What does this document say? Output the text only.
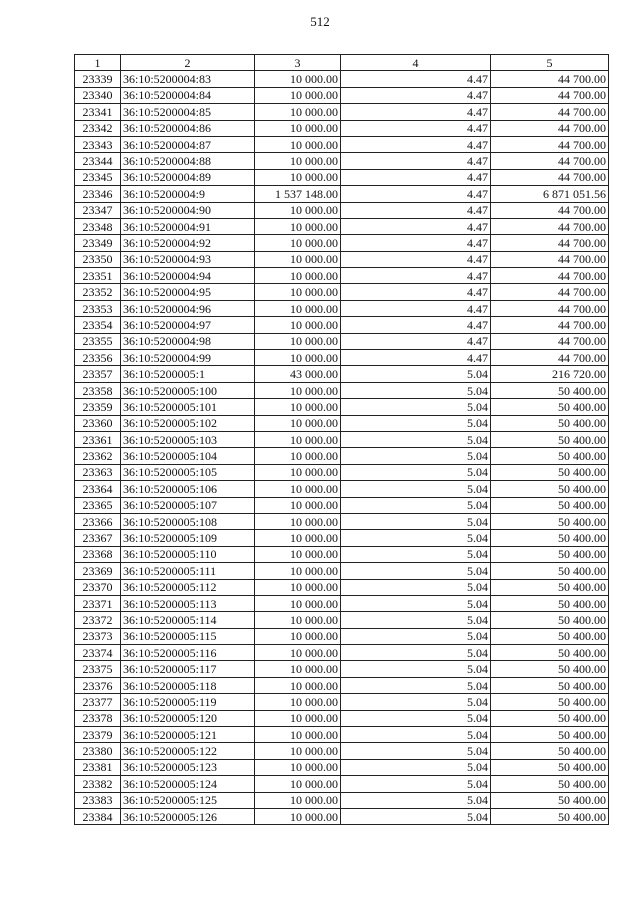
512
1	2	3	4	5
23339	36:10:5200004:83	10 000.00	4.47	44 700.00
23340	36:10:5200004:84	10 000.00	4.47	44 700.00
23341	36:10:5200004:85	10 000.00	4.47	44 700.00
23342	36:10:5200004:86	10 000.00	4.47	44 700.00
23343	36:10:5200004:87	10 000.00	4.47	44 700.00
23344	36:10:5200004:88	10 000.00	4.47	44 700.00
23345	36:10:5200004:89	10 000.00	4.47	44 700.00
23346	36:10:5200004:9	1 537 148.00	4.47	6 871 051.56
23347	36:10:5200004:90	10 000.00	4.47	44 700.00
23348	36:10:5200004:91	10 000.00	4.47	44 700.00
23349	36:10:5200004:92	10 000.00	4.47	44 700.00
23350	36:10:5200004:93	10 000.00	4.47	44 700.00
23351	36:10:5200004:94	10 000.00	4.47	44 700.00
23352	36:10:5200004:95	10 000.00	4.47	44 700.00
23353	36:10:5200004:96	10 000.00	4.47	44 700.00
23354	36:10:5200004:97	10 000.00	4.47	44 700.00
23355	36:10:5200004:98	10 000.00	4.47	44 700.00
23356	36:10:5200004:99	10 000.00	4.47	44 700.00
23357	36:10:5200005:1	43 000.00	5.04	216 720.00
23358	36:10:5200005:100	10 000.00	5.04	50 400.00
23359	36:10:5200005:101	10 000.00	5.04	50 400.00
23360	36:10:5200005:102	10 000.00	5.04	50 400.00
23361	36:10:5200005:103	10 000.00	5.04	50 400.00
23362	36:10:5200005:104	10 000.00	5.04	50 400.00
23363	36:10:5200005:105	10 000.00	5.04	50 400.00
23364	36:10:5200005:106	10 000.00	5.04	50 400.00
23365	36:10:5200005:107	10 000.00	5.04	50 400.00
23366	36:10:5200005:108	10 000.00	5.04	50 400.00
23367	36:10:5200005:109	10 000.00	5.04	50 400.00
23368	36:10:5200005:110	10 000.00	5.04	50 400.00
23369	36:10:5200005:111	10 000.00	5.04	50 400.00
23370	36:10:5200005:112	10 000.00	5.04	50 400.00
23371	36:10:5200005:113	10 000.00	5.04	50 400.00
23372	36:10:5200005:114	10 000.00	5.04	50 400.00
23373	36:10:5200005:115	10 000.00	5.04	50 400.00
23374	36:10:5200005:116	10 000.00	5.04	50 400.00
23375	36:10:5200005:117	10 000.00	5.04	50 400.00
23376	36:10:5200005:118	10 000.00	5.04	50 400.00
23377	36:10:5200005:119	10 000.00	5.04	50 400.00
23378	36:10:5200005:120	10 000.00	5.04	50 400.00
23379	36:10:5200005:121	10 000.00	5.04	50 400.00
23380	36:10:5200005:122	10 000.00	5.04	50 400.00
23381	36:10:5200005:123	10 000.00	5.04	50 400.00
23382	36:10:5200005:124	10 000.00	5.04	50 400.00
23383	36:10:5200005:125	10 000.00	5.04	50 400.00
23384	36:10:5200005:126	10 000.00	5.04	50 400.00
